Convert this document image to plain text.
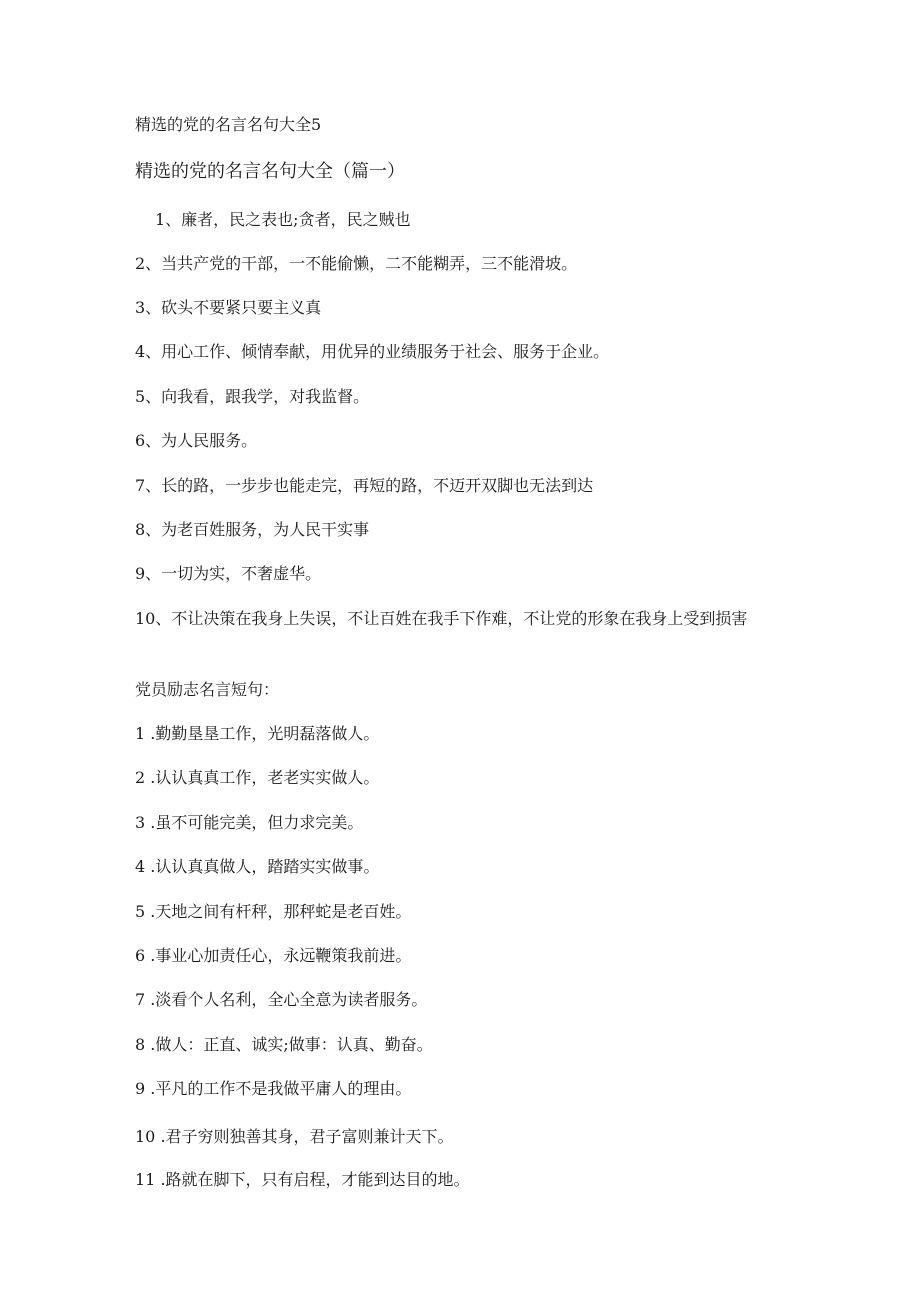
精选的党的名言名句大全5
精选的党的名言名句大全（篇一）
1、廉者，民之表也;贪者，民之贼也
2、当共产党的干部，一不能偷懒，二不能糊弄，三不能滑坡。
3、砍头不要紧只要主义真
4、用心工作、倾情奉献，用优异的业绩服务于社会、服务于企业。
5、向我看，跟我学，对我监督。
6、为人民服务。
7、长的路，一步步也能走完，再短的路，不迈开双脚也无法到达
8、为老百姓服务，为人民干实事
9、一切为实，不奢虚华。
10、不让决策在我身上失误，不让百姓在我手下作难，不让党的形象在我身上受到损害
党员励志名言短句：
1 .勤勤垦垦工作，光明磊落做人。
2 .认认真真工作，老老实实做人。
3 .虽不可能完美，但力求完美。
4 .认认真真做人，踏踏实实做事。
5 .天地之间有杆秤，那秤蛇是老百姓。
6 .事业心加责任心，永远鞭策我前进。
7 .淡看个人名利，全心全意为读者服务。
8 .做人：正直、诚实;做事：认真、勤奋。
9 .平凡的工作不是我做平庸人的理由。
10 .君子穷则独善其身，君子富则兼计天下。
11 .路就在脚下，只有启程，才能到达目的地。
